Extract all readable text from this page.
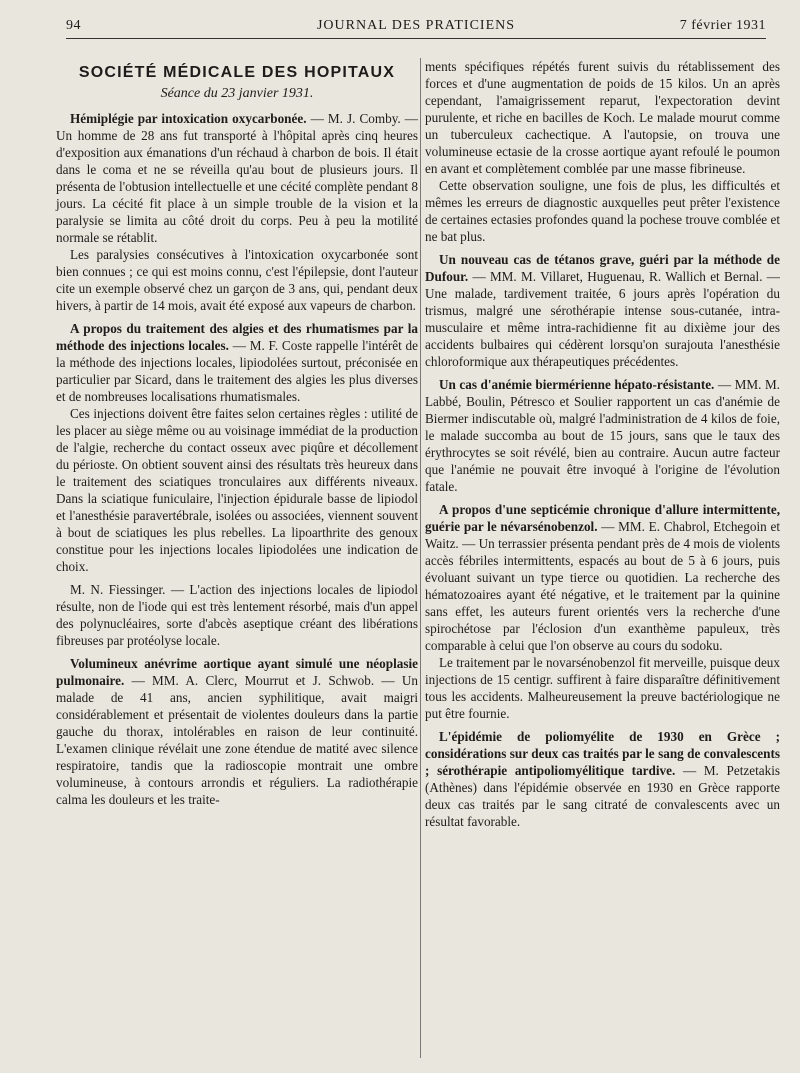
94	JOURNAL DES PRATICIENS	7 février 1931
SOCIÉTÉ MÉDICALE DES HOPITAUX
Séance du 23 janvier 1931.

Hémiplégie par intoxication oxycarbonée. — M. J. Comby. — Un homme de 28 ans fut transporté à l'hôpital après cinq heures d'exposition aux émanations d'un réchaud à charbon de bois. Il était dans le coma et ne se réveilla qu'au bout de plusieurs jours. Il présenta de l'obtusion intellectuelle et une cécité complète pendant 8 jours. La cécité fit place à un simple trouble de la vision et la paralysie se limita au côté droit du corps. Peu à peu la motilité normale se rétablit.

Les paralysies consécutives à l'intoxication oxycarbonée sont bien connues ; ce qui est moins connu, c'est l'épilepsie, dont l'auteur cite un exemple observé chez un garçon de 3 ans, qui, pendant deux hivers, à partir de 14 mois, avait été exposé aux vapeurs de charbon.

A propos du traitement des algies et des rhumatismes par la méthode des injections locales. — M. F. Coste rappelle l'intérêt de la méthode des injections locales, lipiodolées surtout, préconisée en particulier par Sicard, dans le traitement des algies les plus diverses et de nombreuses localisations rhumatismales.

Ces injections doivent être faites selon certaines règles : utilité de les placer au siège même ou au voisinage immédiat de la production de l'algie, recherche du contact osseux avec piqûre et décollement du périoste. On obtient souvent ainsi des résultats très heureux dans le traitement des sciatiques tronculaires aux différents niveaux. Dans la sciatique funiculaire, l'injection épidurale basse de lipiodol et l'anesthésie paravertébrale, isolées ou associées, viennent souvent à bout de sciatiques les plus rebelles. La lipoarthrite des genoux constitue pour les injections locales lipiodolées une indication de choix.

M. N. Fiessinger. — L'action des injections locales de lipiodol résulte, non de l'iode qui est très lentement résorbé, mais d'un appel des polynucléaires, sorte d'abcès aseptique créant des libérations fibreuses par protéolyse locale.

Volumineux anévrime aortique ayant simulé une néoplasie pulmonaire. — MM. A. Clerc, Mourrut et J. Schwob. — Un malade de 41 ans, ancien syphilitique, avait maigri considérablement et présentait de violentes douleurs dans la partie gauche du thorax, intolérables en raison de leur continuité. L'examen clinique révélait une zone étendue de matité avec silence respiratoire, tandis que la radioscopie montrait une ombre volumineuse, à contours arrondis et réguliers. La radiothérapie calma les douleurs et les traite-

ments spécifiques répétés furent suivis du rétablissement des forces et d'une augmentation de poids de 15 kilos. Un an après cependant, l'amaigrissement reparut, l'expectoration devint purulente, et riche en bacilles de Koch. Le malade mourut comme un tuberculeux cachectique. A l'autopsie, on trouva une volumineuse ectasie de la crosse aortique ayant refoulé le poumon en avant et complètement comblée par une masse fibrineuse.

Cette observation souligne, une fois de plus, les difficultés et mêmes les erreurs de diagnostic auxquelles peut prêter l'existence de certaines ectasies profondes quand la pochese trouve comblée et ne bat plus.

Un nouveau cas de tétanos grave, guéri par la méthode de Dufour. — MM. M. Villaret, Huguenau, R. Wallich et Bernal. — Une malade, tardivement traitée, 6 jours après l'opération du trismus, malgré une sérothérapie intense sous-cutanée, intra-musculaire et même intra-rachidienne fit au dixième jour des accidents bulbaires qui cédèrent lorsqu'on surajouta l'anesthésie chloroformique aux thérapeutiques précédentes.

Un cas d'anémie biermérienne hépato-résistante. — MM. M. Labbé, Boulin, Pétresco et Soulier rapportent un cas d'anémie de Biermer indiscutable où, malgré l'administration de 4 kilos de foie, le malade succomba au bout de 15 jours, sans que le taux des érythrocytes se soit révélé, bien au contraire. Aucun autre facteur que l'anémie ne pouvait être invoqué à l'origine de l'évolution fatale.

A propos d'une septicémie chronique d'allure intermittente, guérie par le névarsénobenzol. — MM. E. Chabrol, Etchegoin et Waitz. — Un terrassier présenta pendant près de 4 mois de violents accès fébriles intermittents, espacés au bout de 5 à 6 jours, puis évoluant suivant un type tierce ou quotidien. La recherche des hématozoaires ayant été négative, et le traitement par la quinine sans effet, les auteurs furent orientés vers la recherche d'une spirochétose par l'éclosion d'un exanthème papuleux, très comparable à celui que l'on observe au cours du sodoku.

Le traitement par le novarsénobenzol fit merveille, puisque deux injections de 15 centigr. suffirent à faire disparaître définitivement tous les accidents. Malheureusement la preuve bactériologique ne put être fournie.

L'épidémie de poliomyélite de 1930 en Grèce ; considérations sur deux cas traités par le sang de convalescents ; sérothérapie antipoliomyélitique tardive. — M. Petzetakis (Athènes) dans l'épidémie observée en 1930 en Grèce rapporte deux cas traités par le sang citraté de convalescents avec un résultat favorable.
